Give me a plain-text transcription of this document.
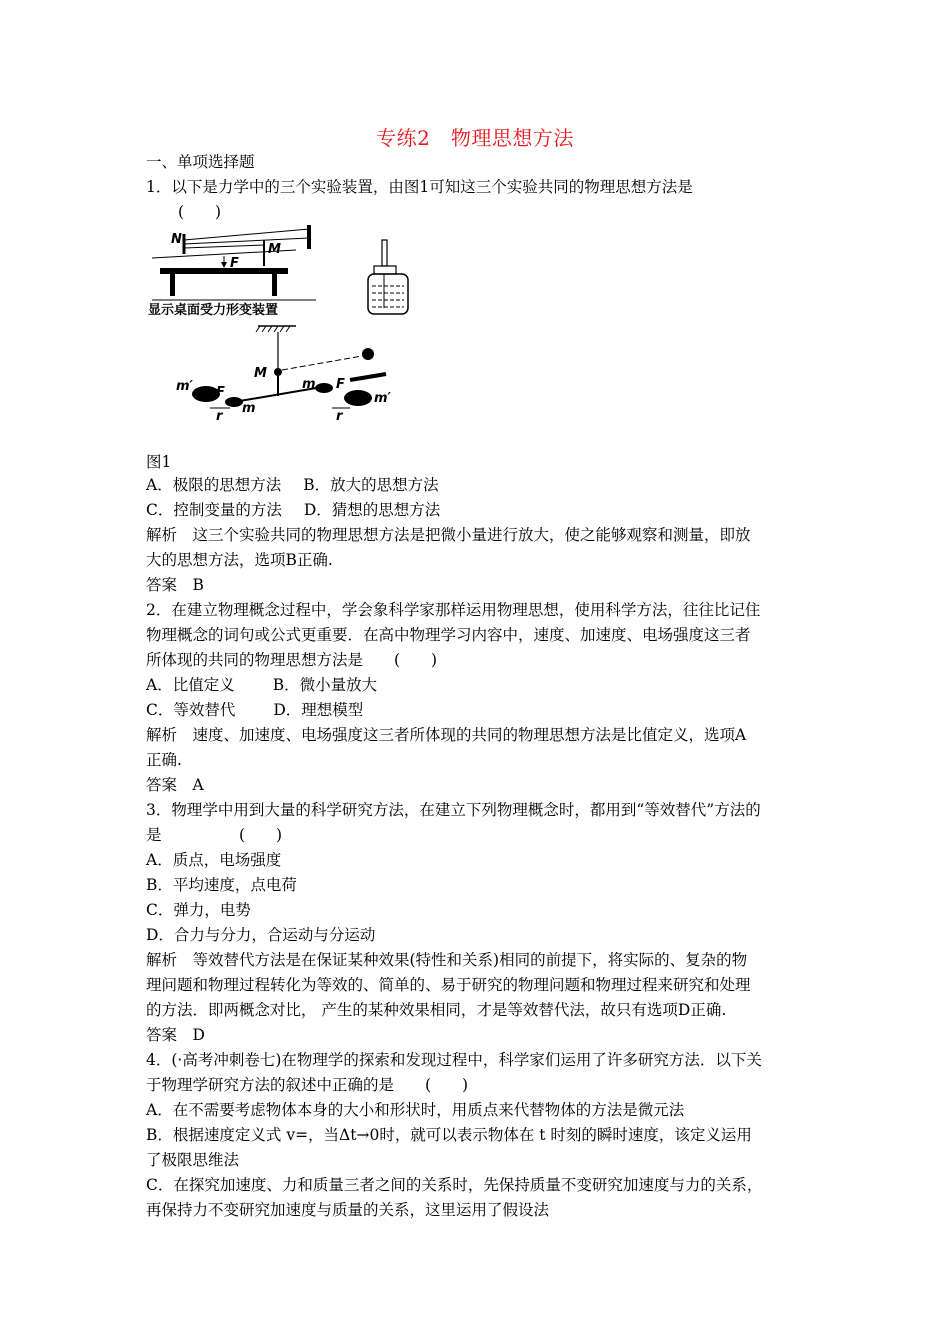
专练2　物理思想方法
一、单项选择题
1．以下是力学中的三个实验装置，由图1可知这三个实验共同的物理思想方法是
(　　)
N
M
F
显示桌面受力形变装置
M
m′ F
m
r
m F
r
m′
图1
A．极限的思想方法 B．放大的思想方法
C．控制变量的方法 D．猜想的思想方法
解析　这三个实验共同的物理思想方法是把微小量进行放大，使之能够观察和测量，即放
大的思想方法，选项B正确.
答案　B
2．在建立物理概念过程中，学会象科学家那样运用物理思想，使用科学方法，往往比记住
物理概念的词句或公式更重要．在高中物理学习内容中，速度、加速度、电场强度这三者
所体现的共同的物理思想方法是　　(　　)
A．比值定义 B．微小量放大
C．等效替代 D．理想模型
解析　速度、加速度、电场强度这三者所体现的共同的物理思想方法是比值定义，选项A
正确.
答案　A
3．物理学中用到大量的科学研究方法，在建立下列物理概念时，都用到“等效替代”方法的
是　　　　　(　　)
A．质点，电场强度
B．平均速度，点电荷
C．弹力，电势
D．合力与分力，合运动与分运动
解析　等效替代方法是在保证某种效果(特性和关系)相同的前提下，将实际的、复杂的物
理问题和物理过程转化为等效的、简单的、易于研究的物理问题和物理过程来研究和处理
的方法．即两概念对比， 产生的某种效果相同，才是等效替代法，故只有选项D正确.
答案　D
4．(·高考冲刺卷七)在物理学的探索和发现过程中，科学家们运用了许多研究方法．以下关
于物理学研究方法的叙述中正确的是　　(　　)
A．在不需要考虑物体本身的大小和形状时，用质点来代替物体的方法是微元法
B．根据速度定义式 v=，当Δt→0时，就可以表示物体在 t 时刻的瞬时速度，该定义运用
了极限思维法
C．在探究加速度、力和质量三者之间的关系时，先保持质量不变研究加速度与力的关系，
再保持力不变研究加速度与质量的关系，这里运用了假设法
